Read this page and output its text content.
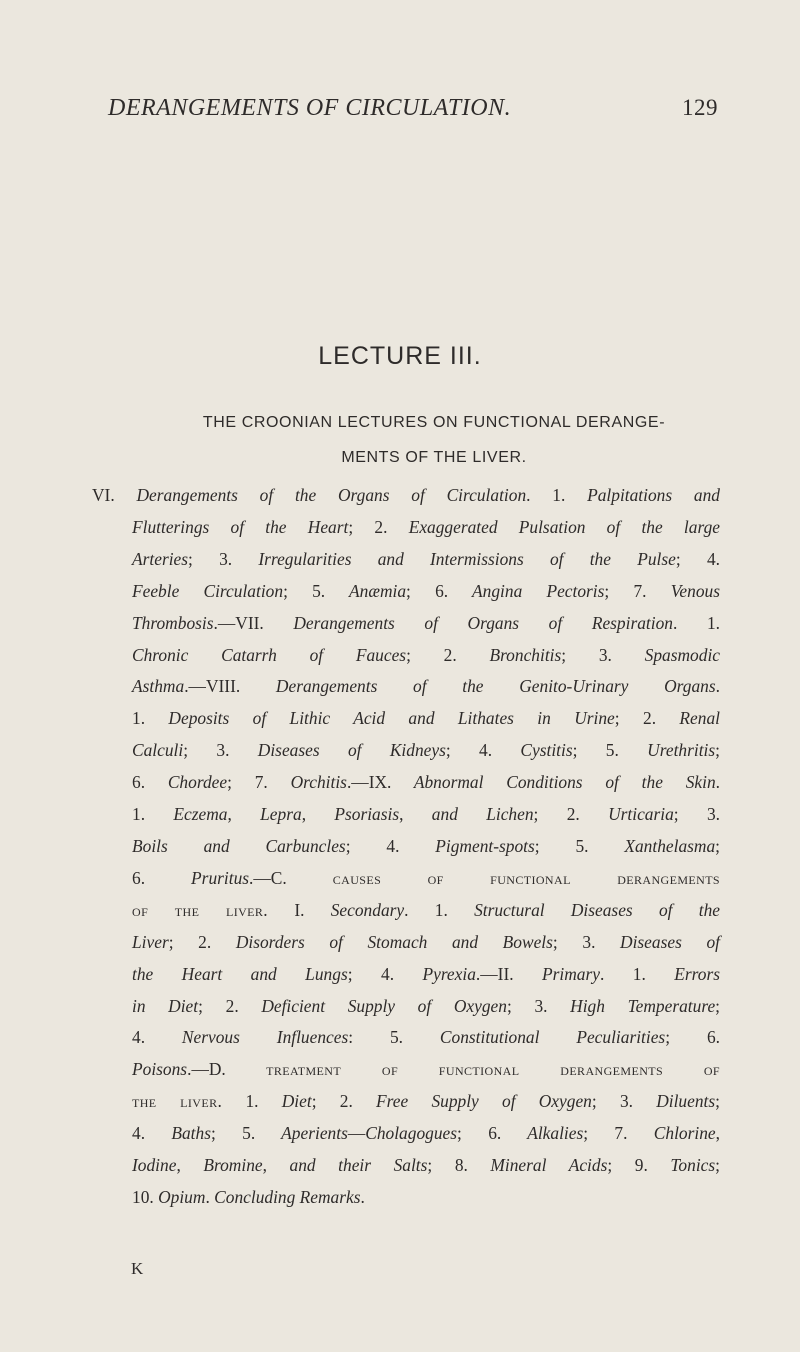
DERANGEMENTS OF CIRCULATION.	129
LECTURE III.
THE CROONIAN LECTURES ON FUNCTIONAL DERANGE-
MENTS OF THE LIVER.
VI. Derangements of the Organs of Circulation. 1. Palpitations and
Flutterings of the Heart; 2. Exaggerated Pulsation of the large
Arteries; 3. Irregularities and Intermissions of the Pulse; 4.
Feeble Circulation; 5. Anæmia; 6. Angina Pectoris; 7. Venous
Thrombosis.—VII. Derangements of Organs of Respiration. 1.
Chronic Catarrh of Fauces; 2. Bronchitis; 3. Spasmodic
Asthma.—VIII. Derangements of the Genito-Urinary Organs.
1. Deposits of Lithic Acid and Lithates in Urine; 2. Renal
Calculi; 3. Diseases of Kidneys; 4. Cystitis; 5. Urethritis;
6. Chordee; 7. Orchitis.—IX. Abnormal Conditions of the Skin.
1. Eczema, Lepra, Psoriasis, and Lichen; 2. Urticaria; 3.
Boils and Carbuncles; 4. Pigment-spots; 5. Xanthelasma;
6. Pruritus.—C.	causes of functional derangements
of the liver. I. Secondary. 1. Structural Diseases of the
Liver; 2. Disorders of Stomach and Bowels; 3. Diseases of
the Heart and Lungs; 4. Pyrexia.—II. Primary. 1. Errors
in Diet; 2. Deficient Supply of Oxygen; 3. High Temperature;
4. Nervous Influences: 5. Constitutional Peculiarities; 6.
Poisons.—D. treatment of functional derangements of
the liver. 1. Diet; 2. Free Supply of Oxygen; 3. Diluents;
4. Baths; 5. Aperients—Cholagogues; 6. Alkalies; 7. Chlorine,
Iodine, Bromine, and their Salts; 8. Mineral Acids; 9. Tonics;
10. Opium. Concluding Remarks.
K
